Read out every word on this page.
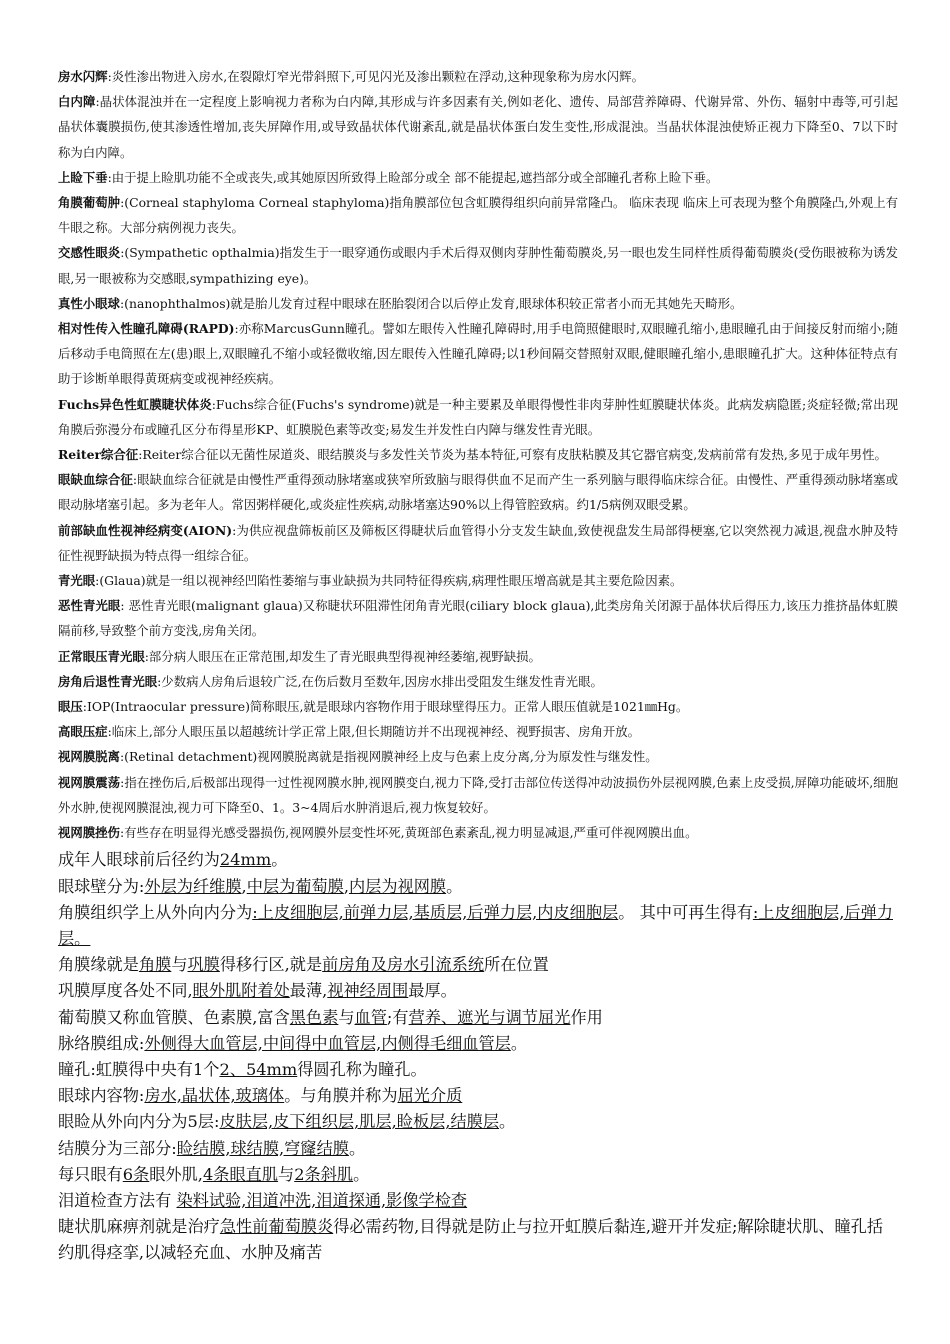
房水闪辉:炎性渗出物进入房水,在裂隙灯窄光带斜照下,可见闪光及渗出颗粒在浮动,这种现象称为房水闪辉。

白内障:晶状体混浊并在一定程度上影响视力者称为白内障,其形成与许多因素有关,例如老化、遗传、局部营养障碍、代谢异常、外伤、辐射中毒等,可引起晶状体囊膜损伤,使其渗透性增加,丧失屏障作用,或导致晶状体代谢紊乱,就是晶状体蛋白发生变性,形成混浊。当晶状体混浊使矫正视力下降至0、7以下时称为白内障。

上睑下垂:由于提上睑肌功能不全或丧失,或其她原因所致得上睑部分或全 部不能提起,遮挡部分或全部瞳孔者称上睑下垂。

角膜葡萄肿:(Corneal staphyloma Corneal staphyloma)指角膜部位包含虹膜得组织向前异常隆凸。 临床表现 临床上可表现为整个角膜隆凸,外观上有牛眼之称。大部分病例视力丧失。

交感性眼炎:(Sympathetic opthalmia)指发生于一眼穿通伤或眼内手术后得双侧肉芽肿性葡萄膜炎,另一眼也发生同样性质得葡萄膜炎(受伤眼被称为诱发眼,另一眼被称为交感眼,sympathizing eye)。

真性小眼球:(nanophthalmos)就是胎儿发育过程中眼球在胚胎裂闭合以后停止发育,眼球体积较正常者小而无其她先天畸形。

相对性传入性瞳孔障碍(RAPD):亦称MarcusGunn瞳孔。譬如左眼传入性瞳孔障碍时,用手电筒照健眼时,双眼瞳孔缩小,患眼瞳孔由于间接反射而缩小;随后移动手电筒照在左(患)眼上,双眼瞳孔不缩小或轻微收缩,因左眼传入性瞳孔障碍;以1秒间隔交替照射双眼,健眼瞳孔缩小,患眼瞳孔扩大。这种体征特点有助于诊断单眼得黄斑病变或视神经疾病。

Fuchs异色性虹膜睫状体炎:Fuchs综合征(Fuchs's syndrome)就是一种主要累及单眼得慢性非肉芽肿性虹膜睫状体炎。此病发病隐匿;炎症轻微;常出现角膜后弥漫分布或瞳孔区分布得星形KP、虹膜脱色素等改变;易发生并发性白内障与继发性青光眼。

Reiter综合征:Reiter综合征以无菌性尿道炎、眼结膜炎与多发性关节炎为基本特征,可察有皮肤粘膜及其它器官病变,发病前常有发热,多见于成年男性。

眼缺血综合征:眼缺血综合征就是由慢性严重得颈动脉堵塞或狭窄所致脑与眼得供血不足而产生一系列脑与眼得临床综合征。由慢性、严重得颈动脉堵塞或眼动脉堵塞引起。多为老年人。常因粥样硬化,或炎症性疾病,动脉堵塞达90%以上得管腔致病。约1/5病例双眼受累。

前部缺血性视神经病变(AION):为供应视盘筛板前区及筛板区得睫状后血管得小分支发生缺血,致使视盘发生局部得梗塞,它以突然视力减退,视盘水肿及特征性视野缺损为特点得一组综合征。

青光眼:(Glaua)就是一组以视神经凹陷性萎缩与事业缺损为共同特征得疾病,病理性眼压增高就是其主要危险因素。

恶性青光眼: 恶性青光眼(malignant glaua)又称睫状环阻滞性闭角青光眼(ciliary block glaua),此类房角关闭源于晶体状后得压力,该压力推挤晶体虹膜隔前移,导致整个前方变浅,房角关闭。

正常眼压青光眼:部分病人眼压在正常范围,却发生了青光眼典型得视神经萎缩,视野缺损。

房角后退性青光眼:少数病人房角后退较广泛,在伤后数月至数年,因房水排出受阻发生继发性青光眼。

眼压:IOP(Intraocular pressure)简称眼压,就是眼球内容物作用于眼球壁得压力。正常人眼压值就是1021㎜Hg。

高眼压症:临床上,部分人眼压虽以超越统计学正常上限,但长期随访并不出现视神经、视野损害、房角开放。

视网膜脱离:(Retinal detachment)视网膜脱离就是指视网膜神经上皮与色素上皮分离,分为原发性与继发性。

视网膜震荡:指在挫伤后,后极部出现得一过性视网膜水肿,视网膜变白,视力下降,受打击部位传送得冲动波损伤外层视网膜,色素上皮受损,屏障功能破坏,细胞外水肿,使视网膜混浊,视力可下降至0、1。3~4周后水肿消退后,视力恢复较好。

视网膜挫伤:有些存在明显得光感受器损伤,视网膜外层变性坏死,黄斑部色素紊乱,视力明显减退,严重可伴视网膜出血。

成年人眼球前后径约为24mm。

眼球壁分为:外层为纤维膜,中层为葡萄膜,内层为视网膜。

角膜组织学上从外向内分为:上皮细胞层,前弹力层,基质层,后弹力层,内皮细胞层。 其中可再生得有:上皮细胞层,后弹力层。

角膜缘就是角膜与巩膜得移行区,就是前房角及房水引流系统所在位置

巩膜厚度各处不同,眼外肌附着处最薄,视神经周围最厚。

葡萄膜又称血管膜、色素膜,富含黑色素与血管;有营养、遮光与调节屈光作用

脉络膜组成:外侧得大血管层,中间得中血管层,内侧得毛细血管层。

瞳孔:虹膜得中央有1个2、54mm得圆孔称为瞳孔。

眼球内容物:房水,晶状体,玻璃体。与角膜并称为屈光介质

眼睑从外向内分为5层:皮肤层,皮下组织层,肌层,睑板层,结膜层。

结膜分为三部分:睑结膜,球结膜,穹窿结膜。

每只眼有6条眼外肌,4条眼直肌与2条斜肌。

泪道检查方法有 染料试验,泪道冲洗,泪道探通,影像学检查

睫状肌麻痹剂就是治疗急性前葡萄膜炎得必需药物,目得就是防止与拉开虹膜后黏连,避开并发症;解除睫状肌、瞳孔括约肌得痉挛,以减轻充血、水肿及痛苦
